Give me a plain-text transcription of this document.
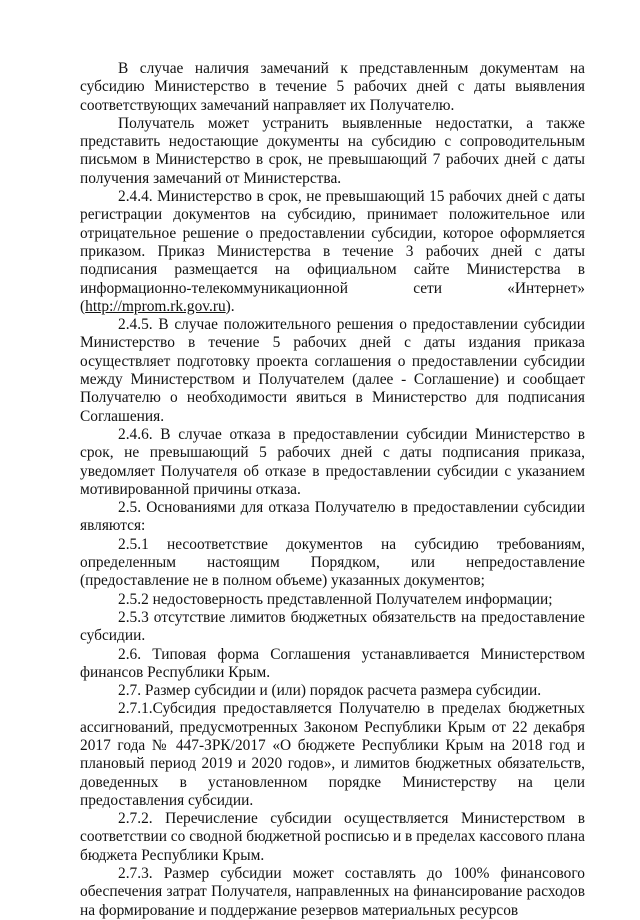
В случае наличия замечаний к представленным документам на субсидию Министерство в течение 5 рабочих дней с даты выявления соответствующих замечаний направляет их Получателю.

Получатель может устранить выявленные недостатки, а также представить недостающие документы на субсидию с сопроводительным письмом в Министерство в срок, не превышающий 7 рабочих дней с даты получения замечаний от Министерства.

2.4.4. Министерство в срок, не превышающий 15 рабочих дней с даты регистрации документов на субсидию, принимает положительное или отрицательное решение о предоставлении субсидии, которое оформляется приказом. Приказ Министерства в течение 3 рабочих дней с даты подписания размещается на официальном сайте Министерства в информационно-телекоммуникационной сети «Интернет» (http://mprom.rk.gov.ru).

2.4.5. В случае положительного решения о предоставлении субсидии Министерство в течение 5 рабочих дней с даты издания приказа осуществляет подготовку проекта соглашения о предоставлении субсидии между Министерством и Получателем (далее - Соглашение) и сообщает Получателю о необходимости явиться в Министерство для подписания Соглашения.

2.4.6. В случае отказа в предоставлении субсидии Министерство в срок, не превышающий 5 рабочих дней с даты подписания приказа, уведомляет Получателя об отказе в предоставлении субсидии с указанием мотивированной причины отказа.

2.5. Основаниями для отказа Получателю в предоставлении субсидии являются:

2.5.1 несоответствие документов на субсидию требованиям, определенным настоящим Порядком, или непредоставление (предоставление не в полном объеме) указанных документов;

2.5.2 недостоверность представленной Получателем информации;

2.5.3 отсутствие лимитов бюджетных обязательств на предоставление субсидии.

2.6. Типовая форма Соглашения устанавливается Министерством финансов Республики Крым.

2.7. Размер субсидии и (или) порядок расчета размера субсидии.

2.7.1.Субсидия предоставляется Получателю в пределах бюджетных ассигнований, предусмотренных Законом Республики Крым от 22 декабря 2017 года № 447-ЗРК/2017 «О бюджете Республики Крым на 2018 год и плановый период 2019 и 2020 годов», и лимитов бюджетных обязательств, доведенных в установленном порядке Министерству на цели предоставления субсидии.

2.7.2. Перечисление субсидии осуществляется Министерством в соответствии со сводной бюджетной росписью и в пределах кассового плана бюджета Республики Крым.

2.7.3. Размер субсидии может составлять до 100% финансового обеспечения затрат Получателя, направленных на финансирование расходов на формирование и поддержание резервов материальных ресурсов
